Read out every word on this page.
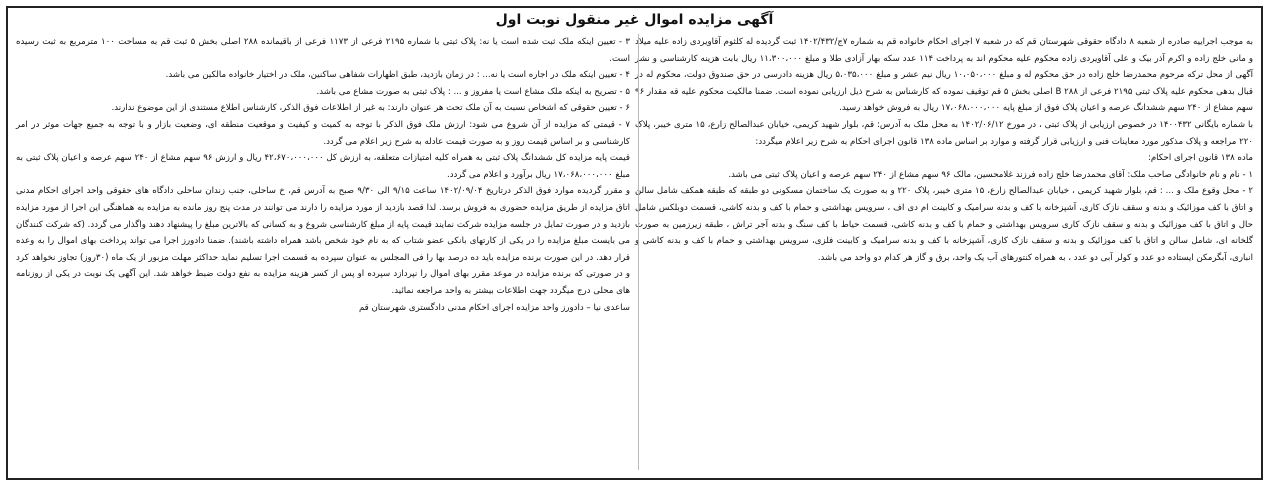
آگهی مزایده اموال غیر منقول نوبت اول

به موجب اجراییه صادره از شعبه ۸ دادگاه حقوقی شهرستان قم که در شعبه ۷ اجرای احکام خانواده قم به شماره ۷ج/۱۴۰۲/۴۳۲ ثبت گردیده له کلثوم آقاویردی زاده علیه میلاد و مانی خلج زاده و اکرم آذر بیک و علی آقاویردی زاده محکوم علیه محکوم اند به پرداخت ۱۱۴ عدد سکه بهار آزادی طلا و مبلغ ۱۱،۳۰۰،۰۰۰ ریال بابت هزینه کارشناسی و نشر آگهی از محل ترکه مرحوم محمدرضا خلج زاده در حق محکوم له و مبلغ ۱۰،۰۵۰،۰۰۰ ریال نیم عشر و مبلغ ۵،۰۳۵،۰۰۰ ریال هزینه دادرسی در حق صندوق دولت، محکوم له در قبال بدهی محکوم علیه پلاک ثبتی ۲۱۹۵ فرعی از ۲۸۸ B اصلی بخش ۵ قم توقیف نموده که کارشناس به شرح ذیل ارزیابی نموده است. ضمنا مالکیت محکوم علیه قه مقدار ۹۶ سهم مشاع از ۲۴۰ سهم ششدانگ عرصه و اعیان پلاک فوق از مبلغ پایه ۱۷،۰۶۸،۰۰۰،۰۰۰ ریال به فروش خواهد رسید.

با شماره بایگانی ۱۴۰۰۴۳۲ در خصوص ارزیابی از پلاک ثبتی ، در مورخ ۱۴۰۲/۰۶/۱۲ به محل ملک به آدرس: قم، بلوار شهید کریمی، خیابان عبدالصالح زارع، ۱۵ متری خیبر، پلاک ۲۲۰ مراجعه و پلاک مذکور مورد معاینات فنی و ارزیابی قرار گرفته و موارد بر اساس ماده ۱۳۸ قانون اجرای احکام به شرح زیر اعلام میگردد:

ماده ۱۳۸ قانون اجرای احکام:

۱ - نام و نام خانوادگی صاحب ملک: آقای محمدرضا خلج زاده فرزند غلامحسین، مالک ۹۶ سهم مشاع از ۲۴۰ سهم عرصه و اعیان پلاک ثبتی می باشد.

۲ - محل وقوع ملک و ... : قم، بلوار شهید کریمی ، خیابان عبدالصالح زارع، ۱۵ متری خیبر، پلاک ۲۲۰ و به صورت یک ساختمان مسکونی دو طبقه که طبقه همکف شامل سالن و اتاق با کف موزائیک و بدنه و سقف نازک کاری، آشپزخانه با کف و بدنه سرامیک و کابینت ام دی اف ، سرویس بهداشتی و حمام با کف و بدنه کاشی، قسمت دوبلکس شامل حال و اتاق با کف موزائیک و بدنه و سقف نازک کاری سرویس بهداشتی و حمام با کف و بدنه کاشی، قسمت حیاط با کف سنگ و بدنه آجر تراش ، طبقه زیرزمین به صورت گلخانه ای، شامل سالن و اتاق با کف موزائیک و بدنه و سقف نازک کاری، آشپزخانه با کف و بدنه سرامیک و کابینت فلزی، سرویس بهداشتی و حمام با کف و بدنه کاشی و انباری، آبگرمکن ایستاده دو عدد و کولر آبی دو عدد ، به همراه کنتورهای آب یک واحد، برق و گاز هر کدام دو واحد می باشد.

۳ - تعیین اینکه ملک ثبت شده است یا نه: پلاک ثبتی با شماره ۲۱۹۵ فرعی از ۱۱۷۳ فرعی از باقیمانده ۲۸۸ اصلی بخش ۵ ثبت قم به مساحت ۱۰۰ مترمربع به ثبت رسیده است.

۴ - تعیین اینکه ملک در اجاره است یا نه... : در زمان بازدید، طبق اظهارات شفاهی ساکنین، ملک در اختیار خانواده مالکین می باشد.

۵ - تصریح به اینکه ملک مشاع است یا مفروز و ... : پلاک ثبتی به صورت مشاع می باشد.

۶ - تعیین حقوقی که اشخاص نسبت به آن ملک تحت هر عنوان دارند: به غیر از اطلاعات فوق الذکر، کارشناس اطلاع مستندی از این موضوع ندارند.

۷ - قیمتی که مزایده از آن شروع می شود: ارزش ملک فوق الذکر با توجه به کمیت و کیفیت و موقعیت منطقه ای، وضعیت بازار و با توجه به جمیع جهات موثر در امر کارشناسی و بر اساس قیمت روز و به صورت قیمت عادله به شرح زیر اعلام می گردد.

قیمت پایه مزایده کل ششدانگ پلاک ثبتی به همراه کلیه امتیازات متعلقه، به ارزش کل ۴۲،۶۷۰،۰۰۰،۰۰۰ ریال و ارزش ۹۶ سهم مشاع از ۲۴۰ سهم عرصه و اعیان پلاک ثبتی به مبلغ ۱۷،۰۶۸،۰۰۰،۰۰۰ ریال برآورد و اعلام می گردد.

و مقرر گردیده موارد فوق الذکر درتاریخ ۱۴۰۲/۰۹/۰۴ ساعت ۹/۱۵ الی ۹/۳۰ صبح به آدرس قم، خ ساحلی، جنب زندان ساحلی دادگاه های حقوقی واحد اجرای احکام مدنی اتاق مزایده از طریق مزایده حضوری به فروش برسد. لذا قصد بازدید از مورد مزایده را دارند می توانند در مدت پنج روز مانده به مزایده به هماهنگی این اجرا از مورد مزایده بازدید و در صورت تمایل در جلسه مزایده شرکت نمایند قیمت پایه از مبلغ کارشناسی شروع و به کسانی که بالاترین مبلغ را پیشنهاد دهند واگذار می گردد. (که شرکت کنندگان می بایست مبلغ مزایده را در یکی از کارتهای بانکی عضو شتاب که به نام خود شخص باشد همراه داشته باشند). ضمنا دادورز اجرا می تواند پرداخت بهای اموال را به وعده قرار دهد. در این صورت برنده مزایده باید ده درصد بها را فی المجلس به عنوان سپرده به قسمت اجرا تسلیم نماید حداکثر مهلت مزبور از یک ماه (۳۰روز) تجاوز نخواهد کرد و در صورتی که برنده مزایده در موعد مقرر بهای اموال را نپردازد سپرده او پس از کسر هزینه مزایده به نفع دولت ضبط خواهد شد. این آگهی یک نوبت در یکی از روزنامه های محلی درج میگردد جهت اطلاعات بیشتر به واحد مراجعه نمائید.

ساعدی نیا – دادورز واحد مزایده اجرای احکام مدنی دادگستری شهرستان قم
